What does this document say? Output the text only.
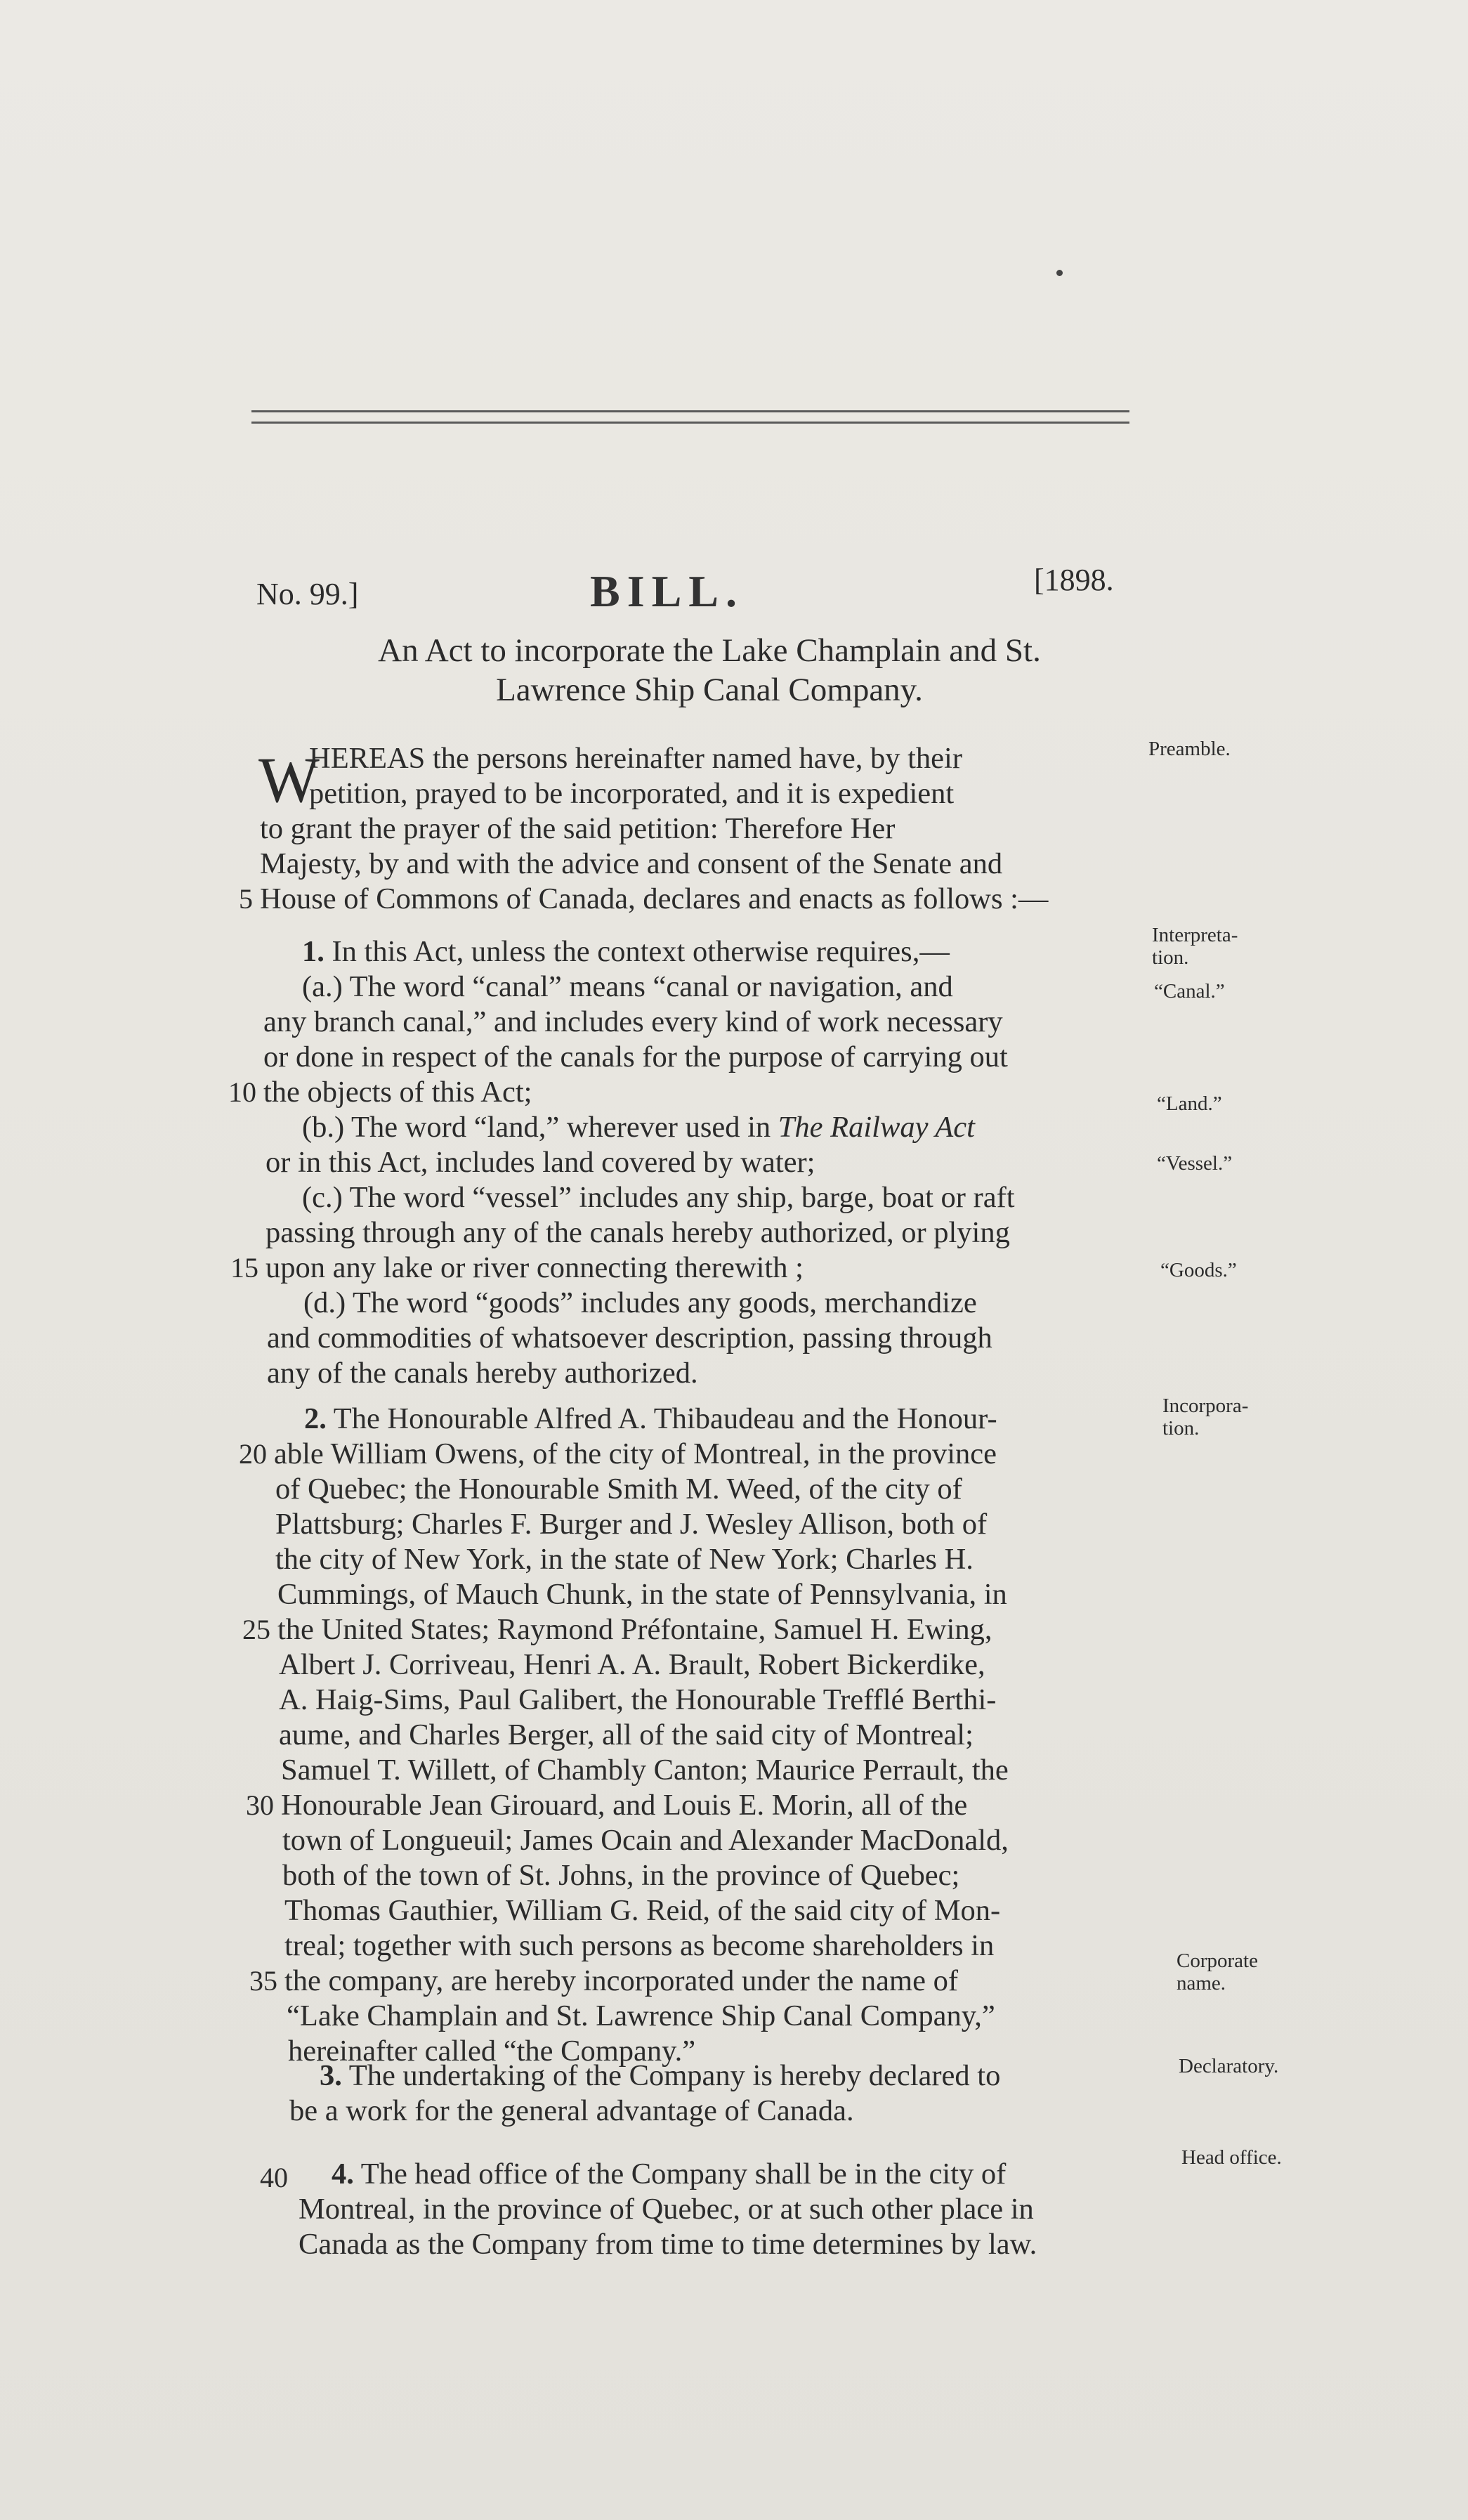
No. 99.]	BILL.	[1898.
An Act to incorporate the Lake Champlain and St.
Lawrence Ship Canal Company.
W
HEREAS the persons hereinafter named have, by their
petition, prayed to be incorporated, and it is expedient
to grant the prayer of the said petition: Therefore Her
Majesty, by and with the advice and consent of the Senate and
House of Commons of Canada, declares and enacts as follows :—
5
Preamble.
1. In this Act, unless the context otherwise requires,—
(a.) The word “canal” means “canal or navigation, and
any branch canal,” and includes every kind of work necessary
or done in respect of the canals for the purpose of carrying out
the objects of this Act;
10
(b.) The word “land,” wherever used in The Railway Act
or in this Act, includes land covered by water;
(c.) The word “vessel” includes any ship, barge, boat or raft
passing through any of the canals hereby authorized, or plying
upon any lake or river connecting therewith ;
15
(d.) The word “goods” includes any goods, merchandize
and commodities of whatsoever description, passing through
any of the canals hereby authorized.
Interpreta-
tion.
“Canal.”
“Land.”
“Vessel.”
“Goods.”
2. The Honourable Alfred A. Thibaudeau and the Honour-
able William Owens, of the city of Montreal, in the province
20
of Quebec; the Honourable Smith M. Weed, of the city of
Plattsburg; Charles F. Burger and J. Wesley Allison, both of
the city of New York, in the state of New York; Charles H.
Cummings, of Mauch Chunk, in the state of Pennsylvania, in
the United States; Raymond Préfontaine, Samuel H. Ewing,
25
Albert J. Corriveau, Henri A. A. Brault, Robert Bickerdike,
A. Haig-Sims, Paul Galibert, the Honourable Trefflé Berthi-
aume, and Charles Berger, all of the said city of Montreal;
Samuel T. Willett, of Chambly Canton; Maurice Perrault, the
Honourable Jean Girouard, and Louis E. Morin, all of the
30
town of Longueuil; James Ocain and Alexander MacDonald,
both of the town of St. Johns, in the province of Quebec;
Thomas Gauthier, William G. Reid, of the said city of Mon-
treal; together with such persons as become shareholders in
the company, are hereby incorporated under the name of
35
“Lake Champlain and St. Lawrence Ship Canal Company,”
hereinafter called “the Company.”
Incorpora-
tion.
Corporate
name.
3. The undertaking of the Company is hereby declared to
be a work for the general advantage of Canada.
Declaratory.
40 4. The head office of the Company shall be in the city of
Montreal, in the province of Quebec, or at such other place in
Canada as the Company from time to time determines by law.
Head office.
